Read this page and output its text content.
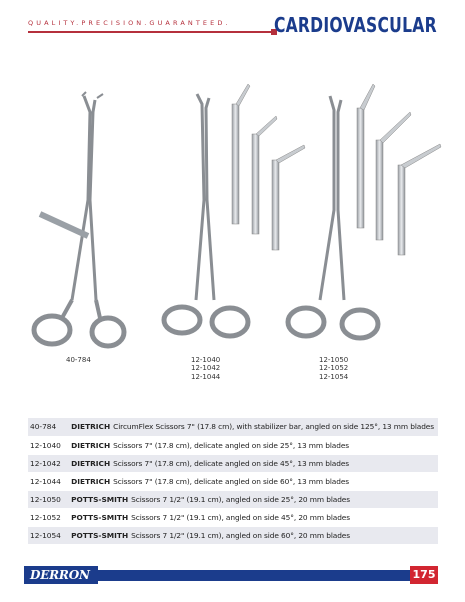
QUALITY.PRECISION.GUARANTEED. CARDIOVASCULAR
40-784	12-1040
12-1042
12-1044
12-1050
12-1052
12-1054
40-784	DIETRICH CircumFlex Scissors 7" (17.8 cm), with stabilizer bar, angled on side 125°, 13 mm blades
12-1040	DIETRICH Scissors 7" (17.8 cm), delicate angled on side 25°, 13 mm blades
12-1042	DIETRICH Scissors 7" (17.8 cm), delicate angled on side 45°, 13 mm blades
12-1044	DIETRICH Scissors 7" (17.8 cm), delicate angled on side 60°, 13 mm blades
12-1050	POTTS-SMITH Scissors 7 1/2" (19.1 cm), angled on side 25°, 20 mm blades
12-1052	POTTS-SMITH Scissors 7 1/2" (19.1 cm), angled on side 45°, 20 mm blades
12-1054	POTTS-SMITH Scissors 7 1/2" (19.1 cm), angled on side 60°, 20 mm blades
DERRON	175
